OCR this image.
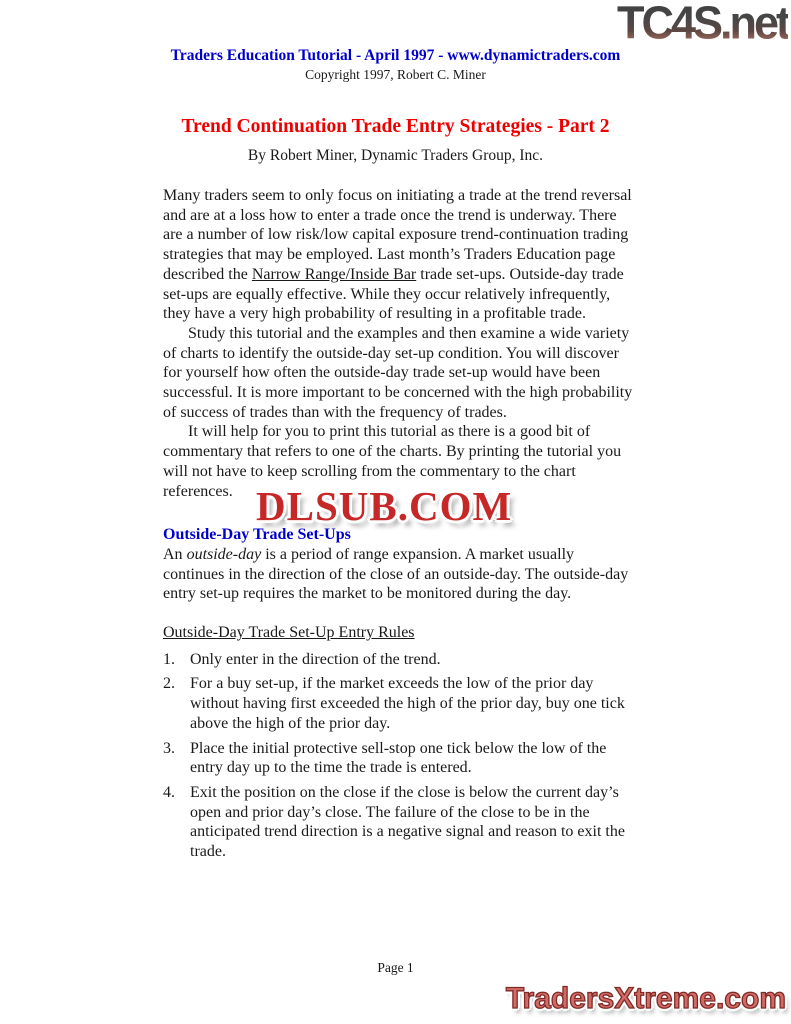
TC4S.net
Traders Education Tutorial - April 1997 - www.dynamictraders.com
Copyright 1997, Robert C. Miner
Trend Continuation Trade Entry Strategies - Part 2
By Robert Miner, Dynamic Traders Group, Inc.

Many traders seem to only focus on initiating a trade at the trend reversal and are at a loss how to enter a trade once the trend is underway. There are a number of low risk/low capital exposure trend-continuation trading strategies that may be employed. Last month’s Traders Education page described the Narrow Range/Inside Bar trade set-ups. Outside-day trade set-ups are equally effective. While they occur relatively infrequently, they have a very high probability of resulting in a profitable trade.

Study this tutorial and the examples and then examine a wide variety of charts to identify the outside-day set-up condition. You will discover for yourself how often the outside-day trade set-up would have been successful. It is more important to be concerned with the high probability of success of trades than with the frequency of trades.

It will help for you to print this tutorial as there is a good bit of commentary that refers to one of the charts. By printing the tutorial you will not have to keep scrolling from the commentary to the chart references.

Outside-Day Trade Set-Ups

An outside-day is a period of range expansion. A market usually continues in the direction of the close of an outside-day. The outside-day entry set-up requires the market to be monitored during the day.

Outside-Day Trade Set-Up Entry Rules
1. Only enter in the direction of the trend.
2. For a buy set-up, if the market exceeds the low of the prior day without having first exceeded the high of the prior day, buy one tick above the high of the prior day.
3. Place the initial protective sell-stop one tick below the low of the entry day up to the time the trade is entered.
4. Exit the position on the close if the close is below the current day’s open and prior day’s close. The failure of the close to be in the anticipated trend direction is a negative signal and reason to exit the trade.
DLSUB.COM
Page 1
TradersXtreme.com
